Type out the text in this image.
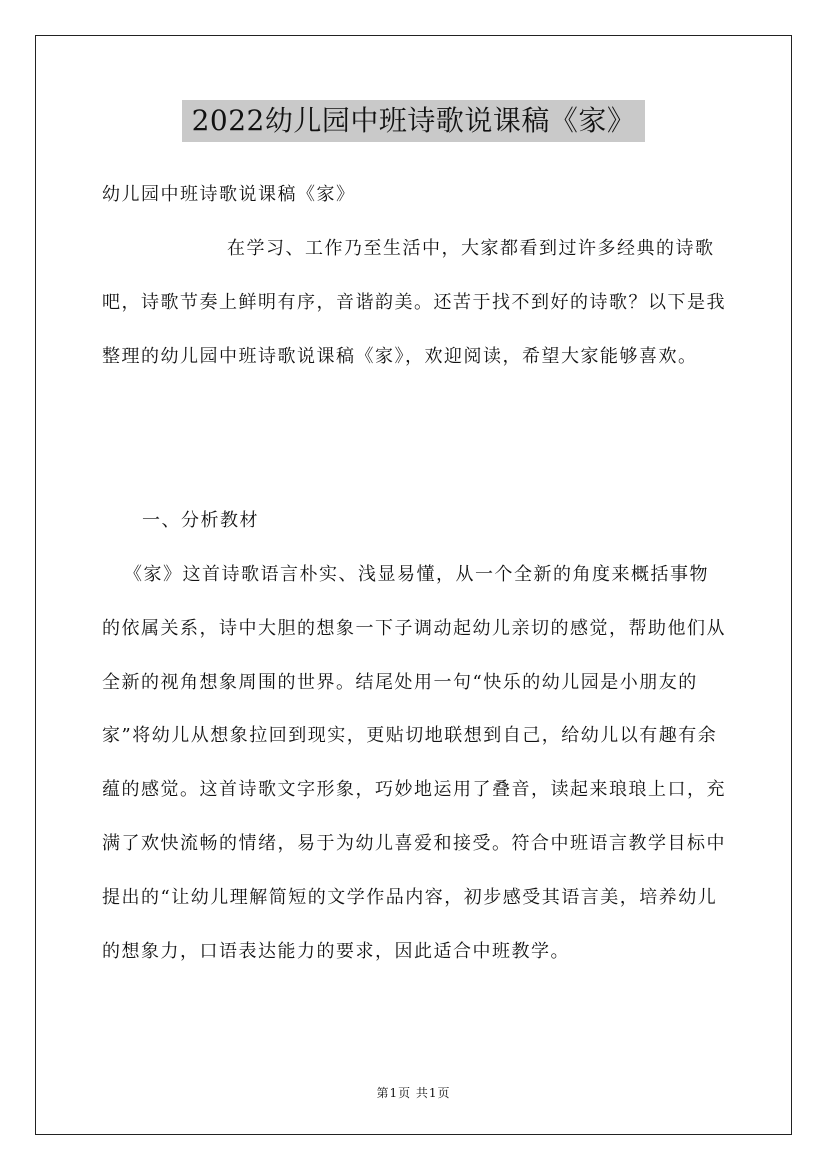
2022幼儿园中班诗歌说课稿《家》

幼儿园中班诗歌说课稿《家》

在学习、工作乃至生活中，大家都看到过许多经典的诗歌吧，诗歌节奏上鲜明有序，音谐韵美。还苦于找不到好的诗歌？以下是我整理的幼儿园中班诗歌说课稿《家》，欢迎阅读，希望大家能够喜欢。

一、分析教材

《家》这首诗歌语言朴实、浅显易懂，从一个全新的角度来概括事物的依属关系，诗中大胆的想象一下子调动起幼儿亲切的感觉，帮助他们从全新的视角想象周围的世界。结尾处用一句“快乐的幼儿园是小朋友的家”将幼儿从想象拉回到现实，更贴切地联想到自己，给幼儿以有趣有余蕴的感觉。这首诗歌文字形象，巧妙地运用了叠音，读起来琅琅上口，充满了欢快流畅的情绪，易于为幼儿喜爱和接受。符合中班语言教学目标中提出的“让幼儿理解简短的文学作品内容，初步感受其语言美，培养幼儿的想象力，口语表达能力的要求，因此适合中班教学。

第1页 共1页
